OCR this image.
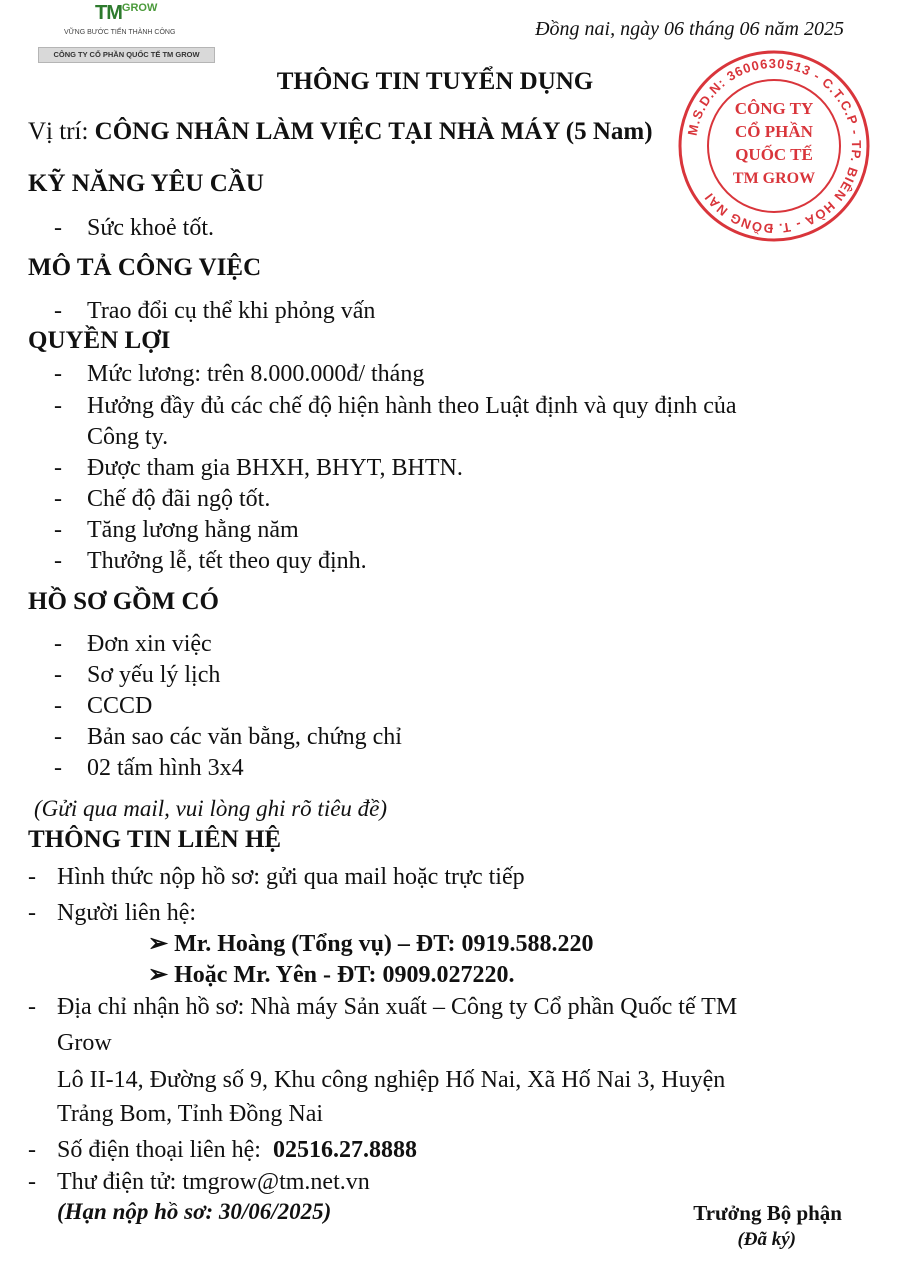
$TM^{GROW}$
VỮNG BƯỚC TIẾN THÀNH CÔNG
CÔNG TY CỔ PHẦN QUỐC TẾ TM GROW
Đồng nai, ngày 06 tháng 06 năm 2025
THÔNG TIN TUYỂN DỤNG
Vị trí: CÔNG NHÂN LÀM VIỆC TẠI NHÀ MÁY (5 Nam) M.S.D.N: 3600630513 - C.T.C.P - TP. BIÊN HÒA - T. ĐỒNG NAI
CÔNG TY
CỔ PHẦN
QUỐC TẾ
TM GROW
KỸ NĂNG YÊU CẦU
- Sức khoẻ tốt.
MÔ TẢ CÔNG VIỆC
- Trao đổi cụ thể khi phỏng vấn
QUYỀN LỢI
- Mức lương: trên 8.000.000đ/ tháng
- Hưởng đầy đủ các chế độ hiện hành theo Luật định và quy định của
Công ty.
- Được tham gia BHXH, BHYT, BHTN.
- Chế độ đãi ngộ tốt.
- Tăng lương hằng năm
- Thưởng lễ, tết theo quy định.
HỒ SƠ GỒM CÓ
- Đơn xin việc
- Sơ yếu lý lịch
- CCCD
- Bản sao các văn bằng, chứng chỉ
- 02 tấm hình 3x4
(Gửi qua mail, vui lòng ghi rõ tiêu đề)
THÔNG TIN LIÊN HỆ
- Hình thức nộp hồ sơ: gửi qua mail hoặc trực tiếp
- Người liên hệ:
➢ Mr. Hoàng (Tổng vụ) – ĐT: 0919.588.220
➢ Hoặc Mr. Yên - ĐT: 0909.027220.
- Địa chỉ nhận hồ sơ: Nhà máy Sản xuất – Công ty Cổ phần Quốc tế TM
Grow
Lô II-14, Đường số 9, Khu công nghiệp Hố Nai, Xã Hố Nai 3, Huyện
Trảng Bom, Tỉnh Đồng Nai
- Số điện thoại liên hệ: 02516.27.8888
- Thư điện tử: tmgrow@tm.net.vn
(Hạn nộp hồ sơ: 30/06/2025)	Trưởng Bộ phận
(Đã ký)
